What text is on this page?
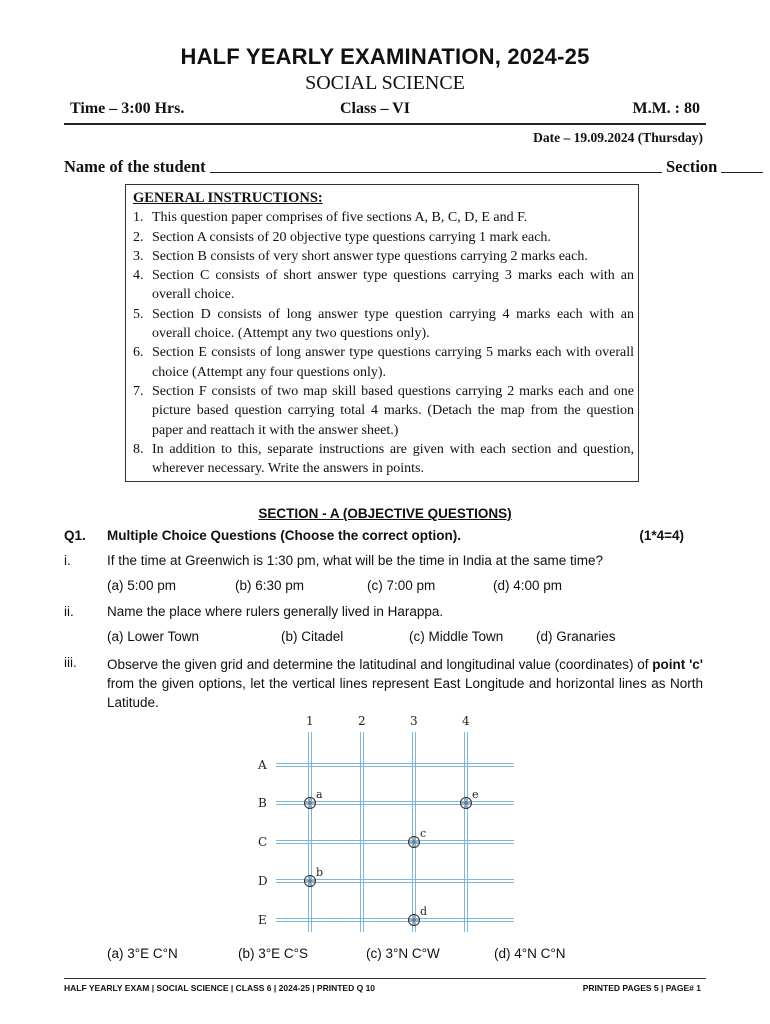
HALF YEARLY EXAMINATION, 2024-25
SOCIAL SCIENCE
Time – 3:00 Hrs.	Class – VI	M.M. : 80
Date – 19.09.2024 (Thursday)
Name of the student	Section
GENERAL INSTRUCTIONS:
1. This question paper comprises of five sections A, B, C, D, E and F.
2. Section A consists of 20 objective type questions carrying 1 mark each.
3. Section B consists of very short answer type questions carrying 2 marks each.
4. Section C consists of short answer type questions carrying 3 marks each with an overall choice.
5. Section D consists of long answer type question carrying 4 marks each with an overall choice. (Attempt any two questions only).
6. Section E consists of long answer type questions carrying 5 marks each with overall choice (Attempt any four questions only).
7. Section F consists of two map skill based questions carrying 2 marks each and one picture based question carrying total 4 marks. (Detach the map from the question paper and reattach it with the answer sheet.)
8. In addition to this, separate instructions are given with each section and question, wherever necessary. Write the answers in points.
SECTION - A (OBJECTIVE QUESTIONS)
Q1. Multiple Choice Questions (Choose the correct option).	(1*4=4)
i.	If the time at Greenwich is 1:30 pm, what will be the time in India at the same time?
(a) 5:00 pm	(b) 6:30 pm	(c) 7:00 pm	(d) 4:00 pm
ii. Name the place where rulers generally lived in Harappa.
(a) Lower Town	(b) Citadel	(c) Middle Town (d) Granaries
iii. Observe the given grid and determine the latitudinal and longitudinal value (coordinates) of point 'c' from the given options, let the vertical lines represent East Longitude and horizontal lines as North Latitude.
A
B
C
D
E
1	2	3	4
a	e
c
b
d
(a) 3°E C°N	(b) 3°E C°S	(c) 3°N C°W	(d) 4°N C°N
HALF YEARLY EXAM | SOCIAL SCIENCE | CLASS 6 | 2024-25 | PRINTED Q 10	PRINTED PAGES 5 | PAGE# 1
